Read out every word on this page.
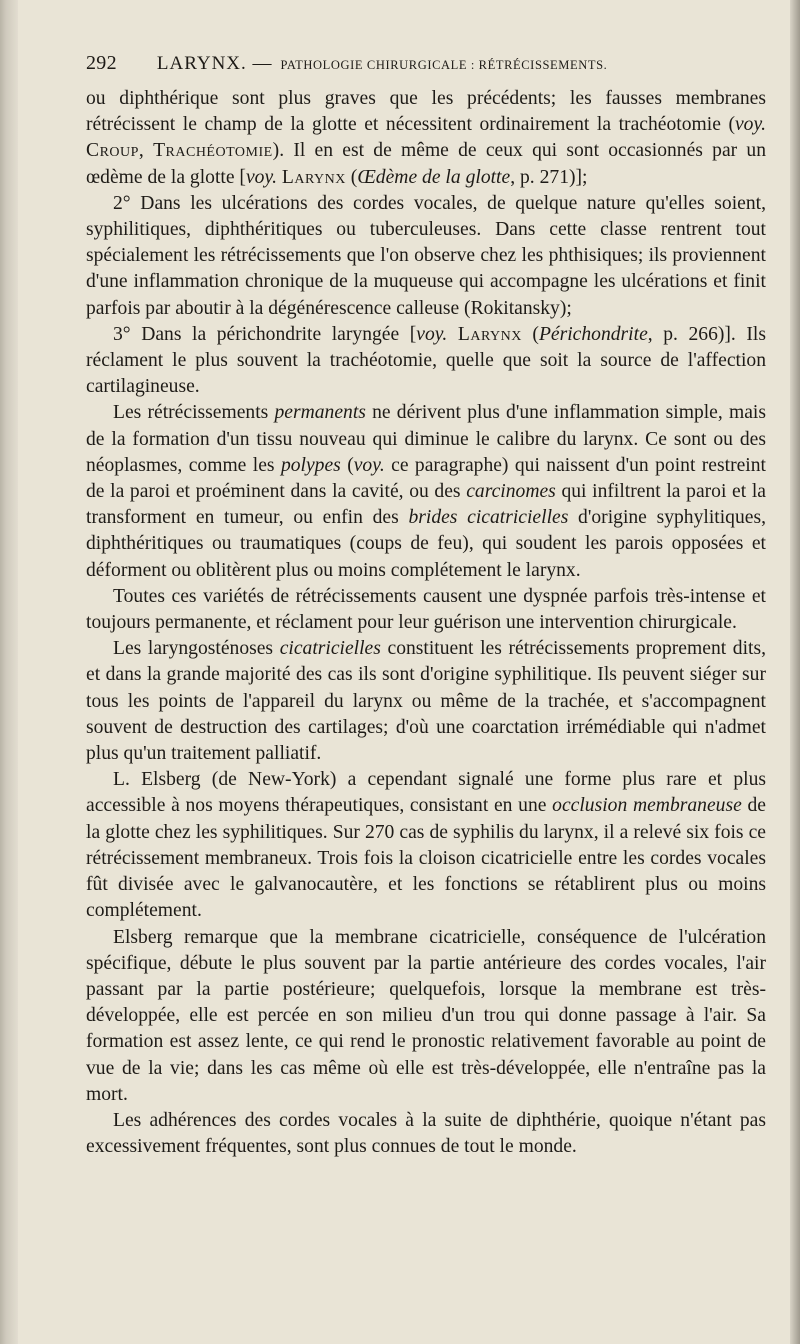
292 LARYNX. — PATHOLOGIE CHIRURGICALE : RÉTRÉCISSEMENTS.

ou diphthérique sont plus graves que les précédents; les fausses membranes rétrécissent le champ de la glotte et nécessitent ordinairement la trachéotomie (voy. Croup, Trachéotomie). Il en est de même de ceux qui sont occasionnés par un œdème de la glotte [voy. Larynx (Œdème de la glotte, p. 271)];

2° Dans les ulcérations des cordes vocales, de quelque nature qu'elles soient, syphilitiques, diphthéritiques ou tuberculeuses. Dans cette classe rentrent tout spécialement les rétrécissements que l'on observe chez les phthisiques; ils proviennent d'une inflammation chronique de la muqueuse qui accompagne les ulcérations et finit parfois par aboutir à la dégénérescence calleuse (Rokitansky);

3° Dans la périchondrite laryngée [voy. Larynx (Périchondrite, p. 266)]. Ils réclament le plus souvent la trachéotomie, quelle que soit la source de l'affection cartilagineuse.

Les rétrécissements permanents ne dérivent plus d'une inflammation simple, mais de la formation d'un tissu nouveau qui diminue le calibre du larynx. Ce sont ou des néoplasmes, comme les polypes (voy. ce paragraphe) qui naissent d'un point restreint de la paroi et proéminent dans la cavité, ou des carcinomes qui infiltrent la paroi et la transforment en tumeur, ou enfin des brides cicatricielles d'origine syphylitiques, diphthéritiques ou traumatiques (coups de feu), qui soudent les parois opposées et déforment ou oblitèrent plus ou moins complétement le larynx.

Toutes ces variétés de rétrécissements causent une dyspnée parfois très-intense et toujours permanente, et réclament pour leur guérison une intervention chirurgicale.

Les laryngosténoses cicatricielles constituent les rétrécissements proprement dits, et dans la grande majorité des cas ils sont d'origine syphilitique. Ils peuvent siéger sur tous les points de l'appareil du larynx ou même de la trachée, et s'accompagnent souvent de destruction des cartilages; d'où une coarctation irrémédiable qui n'admet plus qu'un traitement palliatif.

L. Elsberg (de New-York) a cependant signalé une forme plus rare et plus accessible à nos moyens thérapeutiques, consistant en une occlusion membraneuse de la glotte chez les syphilitiques. Sur 270 cas de syphilis du larynx, il a relevé six fois ce rétrécissement membraneux. Trois fois la cloison cicatricielle entre les cordes vocales fût divisée avec le galvanocautère, et les fonctions se rétablirent plus ou moins complétement.

Elsberg remarque que la membrane cicatricielle, conséquence de l'ulcération spécifique, débute le plus souvent par la partie antérieure des cordes vocales, l'air passant par la partie postérieure; quelquefois, lorsque la membrane est très-développée, elle est percée en son milieu d'un trou qui donne passage à l'air. Sa formation est assez lente, ce qui rend le pronostic relativement favorable au point de vue de la vie; dans les cas même où elle est très-développée, elle n'entraîne pas la mort.

Les adhérences des cordes vocales à la suite de diphthérie, quoique n'étant pas excessivement fréquentes, sont plus connues de tout le monde.
